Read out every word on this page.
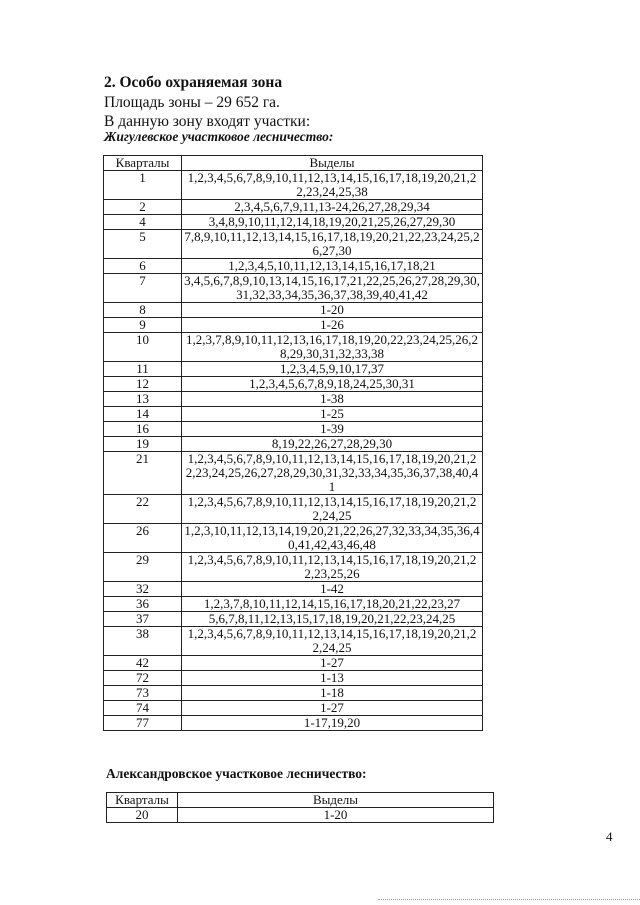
2. Особо охраняемая зона
Площадь зоны – 29 652 га.
В данную зону входят участки:
Жигулевское участковое лесничество:
Кварталы	Выделы
1	1,2,3,4,5,6,7,8,9,10,11,12,13,14,15,16,17,18,19,20,21,22,23,24,25,38
2	2,3,4,5,6,7,9,11,13-24,26,27,28,29,34
4	3,4,8,9,10,11,12,14,18,19,20,21,25,26,27,29,30
5	7,8,9,10,11,12,13,14,15,16,17,18,19,20,21,22,23,24,25,26,27,30
6	1,2,3,4,5,10,11,12,13,14,15,16,17,18,21
7	3,4,5,6,7,8,9,10,13,14,15,16,17,21,22,25,26,27,28,29,30,31,32,33,34,35,36,37,38,39,40,41,42
8	1-20
9	1-26
10	1,2,3,7,8,9,10,11,12,13,16,17,18,19,20,22,23,24,25,26,28,29,30,31,32,33,38
11	1,2,3,4,5,9,10,17,37
12	1,2,3,4,5,6,7,8,9,18,24,25,30,31
13	1-38
14	1-25
16	1-39
19	8,19,22,26,27,28,29,30
21	1,2,3,4,5,6,7,8,9,10,11,12,13,14,15,16,17,18,19,20,21,22,23,24,25,26,27,28,29,30,31,32,33,34,35,36,37,38,40,41
22	1,2,3,4,5,6,7,8,9,10,11,12,13,14,15,16,17,18,19,20,21,22,24,25
26	1,2,3,10,11,12,13,14,19,20,21,22,26,27,32,33,34,35,36,40,41,42,43,46,48
29	1,2,3,4,5,6,7,8,9,10,11,12,13,14,15,16,17,18,19,20,21,22,23,25,26
32	1-42
36	1,2,3,7,8,10,11,12,14,15,16,17,18,20,21,22,23,27
37	5,6,7,8,11,12,13,15,17,18,19,20,21,22,23,24,25
38	1,2,3,4,5,6,7,8,9,10,11,12,13,14,15,16,17,18,19,20,21,22,24,25
42	1-27
72	1-13
73	1-18
74	1-27
77	1-17,19,20
Александровское участковое лесничество:
Кварталы	Выделы
20	1-20
4
